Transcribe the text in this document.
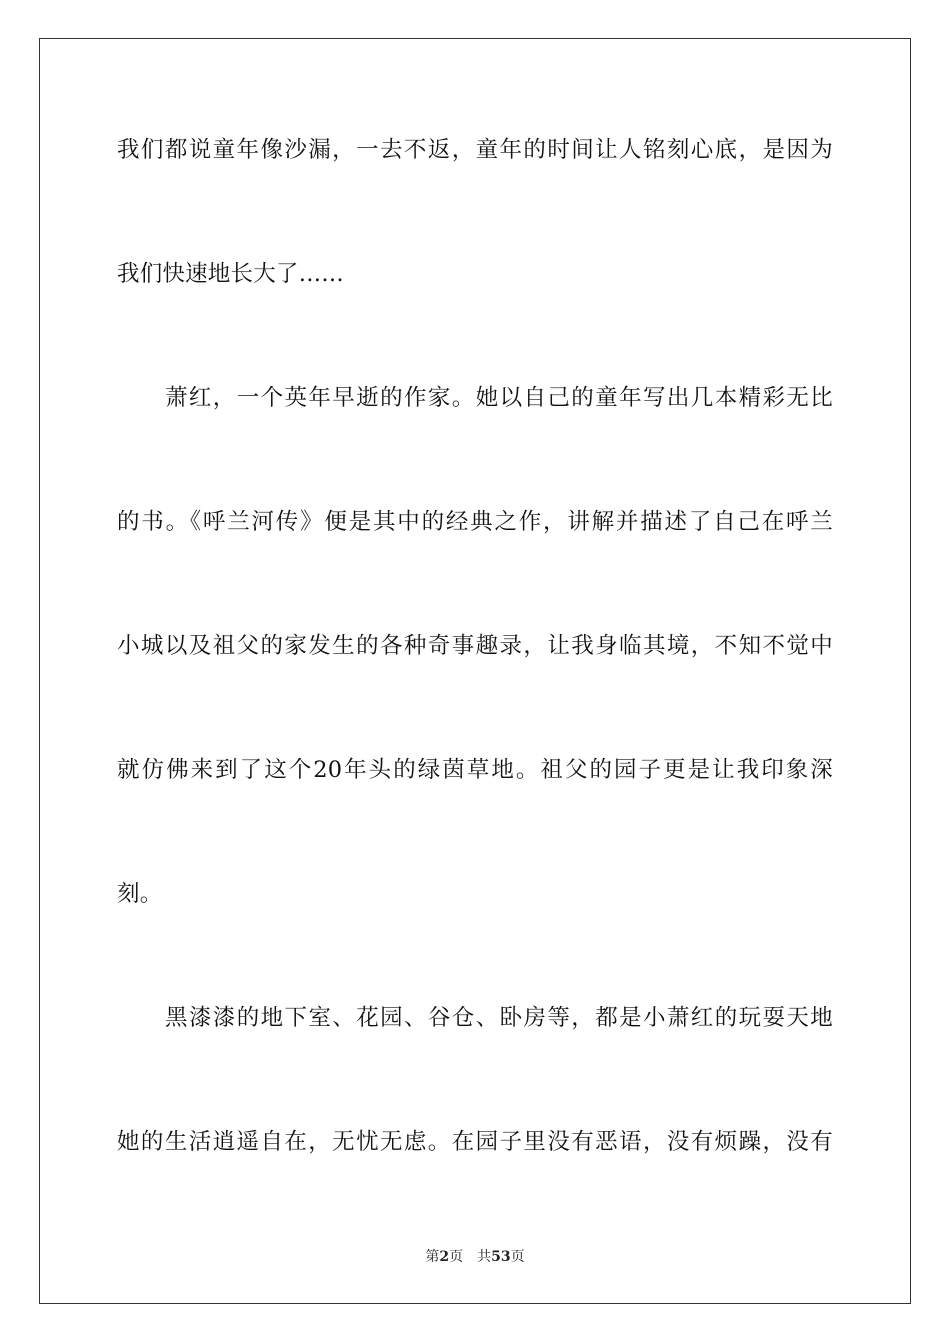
我们都说童年像沙漏，一去不返，童年的时间让人铭刻心底，是因为
我们快速地长大了……
萧红，一个英年早逝的作家。她以自己的童年写出几本精彩无比
的书。《呼兰河传》便是其中的经典之作，讲解并描述了自己在呼兰
小城以及祖父的家发生的各种奇事趣录，让我身临其境，不知不觉中
就仿佛来到了这个20年头的绿茵草地。祖父的园子更是让我印象深
刻。
黑漆漆的地下室、花园、谷仓、卧房等，都是小萧红的玩耍天地
她的生活逍遥自在，无忧无虑。在园子里没有恶语，没有烦躁，没有
第2页 共53页
